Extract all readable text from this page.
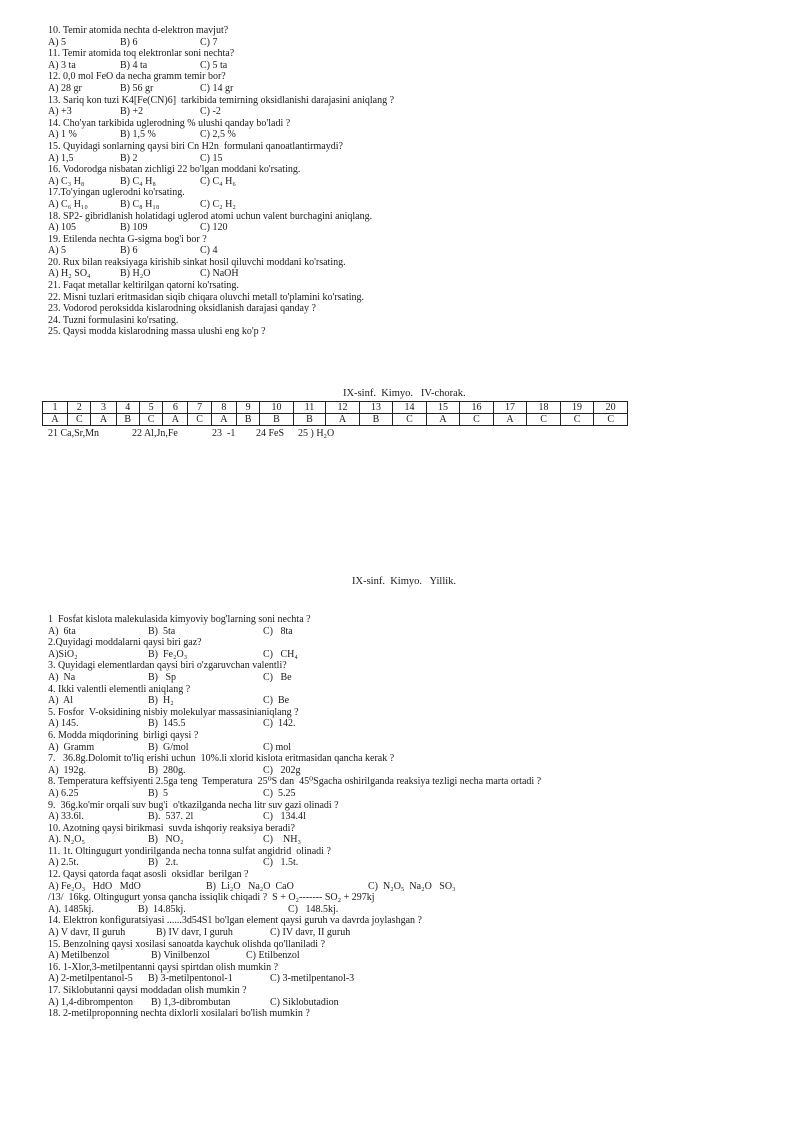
10. Temir atomida nechta d-elektron mavjut?
A) 5	B) 6	C) 7
11. Temir atomida toq elektronlar soni nechta?
A) 3 ta	B) 4 ta	C) 5 ta
12. 0,0 mol FeO da necha gramm temir bor?
A) 28 gr	B) 56 gr	C) 14 gr
13. Sariq kon tuzi K4[Fe(CN)6]  tarkibida temirning oksidlanishi darajasini aniqlang ?
A) +3	B) +2	C) -2
14. Cho'yan tarkibida uglerodning % ulushi qanday bo'ladi ?
A) 1 %	B) 1,5 %	C) 2,5 %
15. Quyidagi sonlarning qaysi biri Cn H2n  formulani qanoatlantirmaydi?
A) 1,5	B) 2	C) 15
16. Vodorodga nisbatan zichligi 22 bo'lgan moddani ko'rsating.
A) C₃ H₈	B) C₄ H₈	C) C₄ H₆
17.To'yingan uglerodni ko'rsating.
A) C₆ H₁₀	B) C₈ H₁₈	C) C₂ H₂
18. SP2- gibridlanish holatidagi uglerod atomi uchun valent burchagini aniqlang.
A) 105	B) 109	C) 120
19. Etilenda nechta G-sigma bog'i bor ?
A) 5	B) 6	C) 4
20. Rux bilan reaksiyaga kirishib sinkat hosil qiluvchi moddani ko'rsating.
A) H₂ SO₄	B) H₂O	C) NaOH
21. Faqat metallar keltirilgan qatorni ko'rsating.
22. Misni tuzlari eritmasidan siqib chiqara oluvchi metall to'plamini ko'rsating.
23. Vodorod peroksidda kislarodning oksidlanish darajasi qanday ?
24. Tuzni formulasini ko'rsating.
25. Qaysi modda kislarodning massa ulushi eng ko'p ?
IX-sinf.  Kimyo.   IV-chorak.
1	2	3	4	5	6	7	8	9	10	11	12	13	14	15	16	17	18	19	20
A	C	A	B	C	A	C	A	B	B	B	A	B	C	A	C	A	C	C	C
21 Ca,Sr,Mn	22 Al,Jn,Fe	23  -1 24 FeS 25 ) H₂O
IX-sinf.  Kimyo.   Yillik.
1  Fosfat kislota malekulasida kimyoviy bog'larning soni nechta ?
A)  6ta	B)  5ta	C)   8ta
2.Quyidagi moddalarni qaysi biri gaz?
A)SiO₂	B)  Fe₂O₃	C)   CH₄
3. Quyidagi elementlardan qaysi biri o'zgaruvchan valentli?
A)  Na	B)   Sp	C)   Be
4. Ikki valentli elementli aniqlang ?
A)  Al	B)  H₂	C)  Be
5. Fosfor  V-oksidining nisbiy molekulyar massasinianiqlang ?
A) 145.	B)  145.5	C)  142.
6. Modda miqdorining  birligi qaysi ?
A)  Gramm	B)  G/mol	C) mol
7.   36.8g.Dolomit to'liq erishi uchun  10%.li xlorid kislota eritmasidan qancha kerak ?
A)  192g.	B)  280g.	C)   202g
8. Temperatura keffsiyenti 2.5ga teng  Temperatura  25⁰S dan  45⁰Sgacha oshirilganda reaksiya tezligi necha marta ortadi ?
A) 6.25	B)  5	C)  5.25
9.  36g.ko'mir orqali suv bug'i  o'tkazilganda necha litr suv gazi olinadi ?
A) 33.6l.	B).  537. 2l	C)   134.4l
10. Azotning qaysi birikmasi  suvda ishqoriy reaksiya beradi?
A). N₂O₅	B)   NO₂	C)    NH₃
11. 1t. Oltingugurt yondirilganda necha tonna sulfat angidrid  olinadi ?
A) 2.5t.	B)   2.t.	C)   1.5t.
12. Qaysi qatorda faqat asosli  oksidlar  berilgan ?
A) Fe₂O₃   HdO   MdO	B)  Li₂O   Na₂O  CaO	C)  N₂O₅  Na₂O   SO₃
/13/  16kg. Oltingugurt yonsa qancha issiqlik chiqadi ?  S + O₂------- SO₂ + 297kj
A). 1485kj.	B)  14.85kj.	C)   148.5kj.
14. Elektron konfiguratsiyasi ......3d54S1 bo'lgan element qaysi guruh va davrda joylashgan ?
A) V davr, II guruh	B) IV davr, I guruh	C) IV davr, II guruh
15. Benzolning qaysi xosilasi sanoatda kaychuk olishda qo'llaniladi ?
A) Metilbenzol	B) Vinilbenzol	C) Etilbenzol
16. 1-Xlor,3-metilpentanni qaysi spirtdan olish mumkin ?
A) 2-metilpentanol-5 B) 3-metilpentonol-1	C) 3-metilpentanol-3
17. Siklobutanni qaysi moddadan olish mumkin ?
A) 1,4-dibrompenton B) 1,3-dibrombutan	C) Siklobutadion
18. 2-metilproponning nechta dixlorli xosilalari bo'lish mumkin ?
